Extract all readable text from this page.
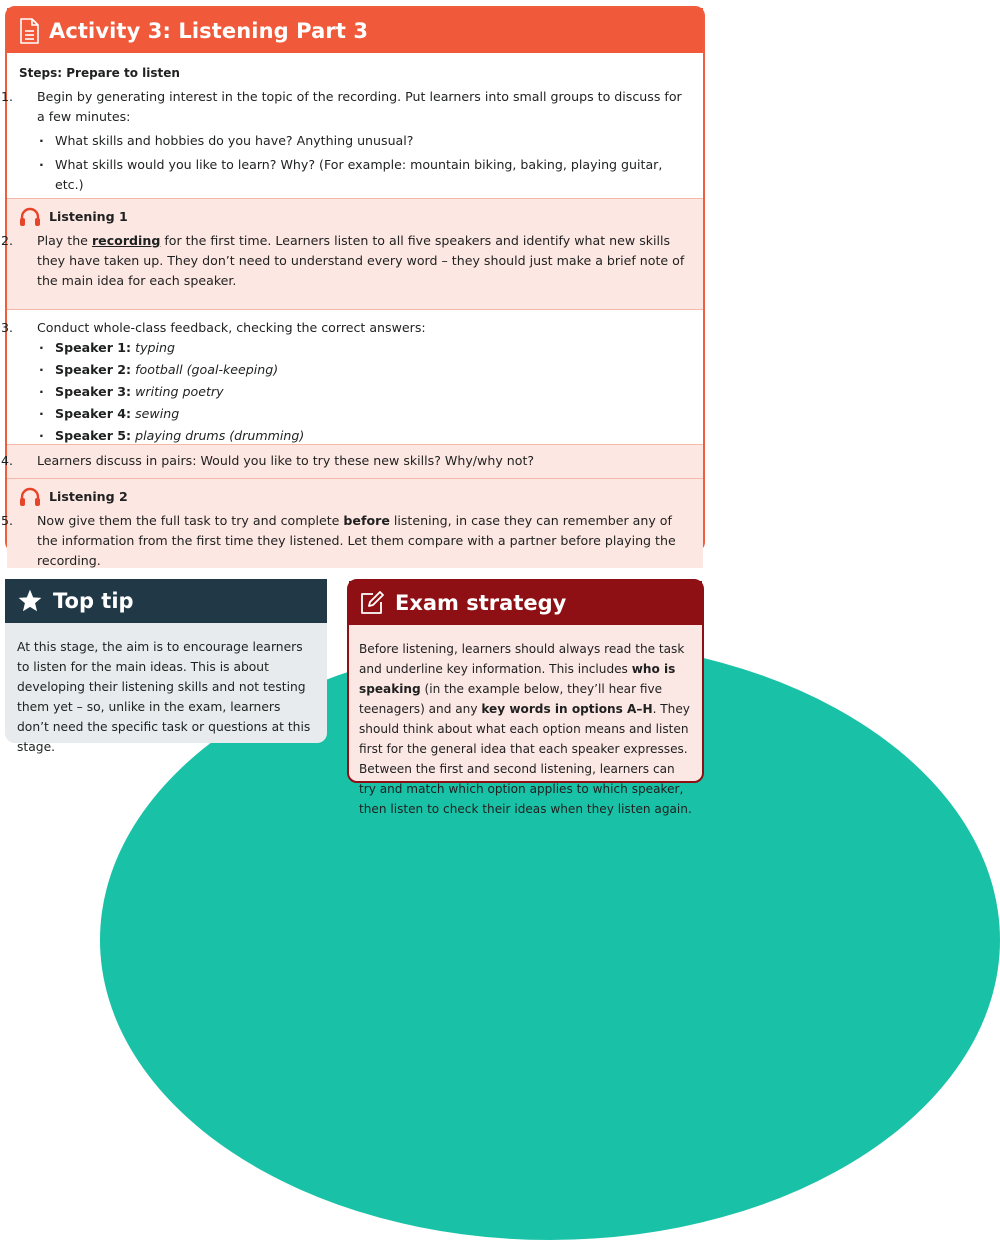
Activity 3: Listening Part 3
Steps: Prepare to listen
1. Begin by generating interest in the topic of the recording. Put learners into small groups to discuss for a few minutes:
· What skills and hobbies do you have? Anything unusual?
· What skills would you like to learn? Why? (For example: mountain biking, baking, playing guitar, etc.)
Listening 1
2. Play the recording for the first time. Learners listen to all five speakers and identify what new skills they have taken up. They don’t need to understand every word – they should just make a brief note of the main idea for each speaker.
3. Conduct whole-class feedback, checking the correct answers:
· Speaker 1: typing
· Speaker 2: football (goal-keeping)
· Speaker 3: writing poetry
· Speaker 4: sewing
· Speaker 5: playing drums (drumming)
4. Learners discuss in pairs: Would you like to try these new skills? Why/why not?
Listening 2
5. Now give them the full task to try and complete before listening, in case they can remember any of the information from the first time they listened. Let them compare with a partner before playing the recording.
Top tip
At this stage, the aim is to encourage learners to listen for the main ideas. This is about developing their listening skills and not testing them yet – so, unlike in the exam, learners don’t need the specific task or questions at this stage.
Exam strategy
Before listening, learners should always read the task and underline key information. This includes who is speaking (in the example below, they’ll hear five teenagers) and any key words in options A–H. They should think about what each option means and listen first for the general idea that each speaker expresses. Between the first and second listening, learners can try and match which option applies to which speaker, then listen to check their ideas when they listen again.
